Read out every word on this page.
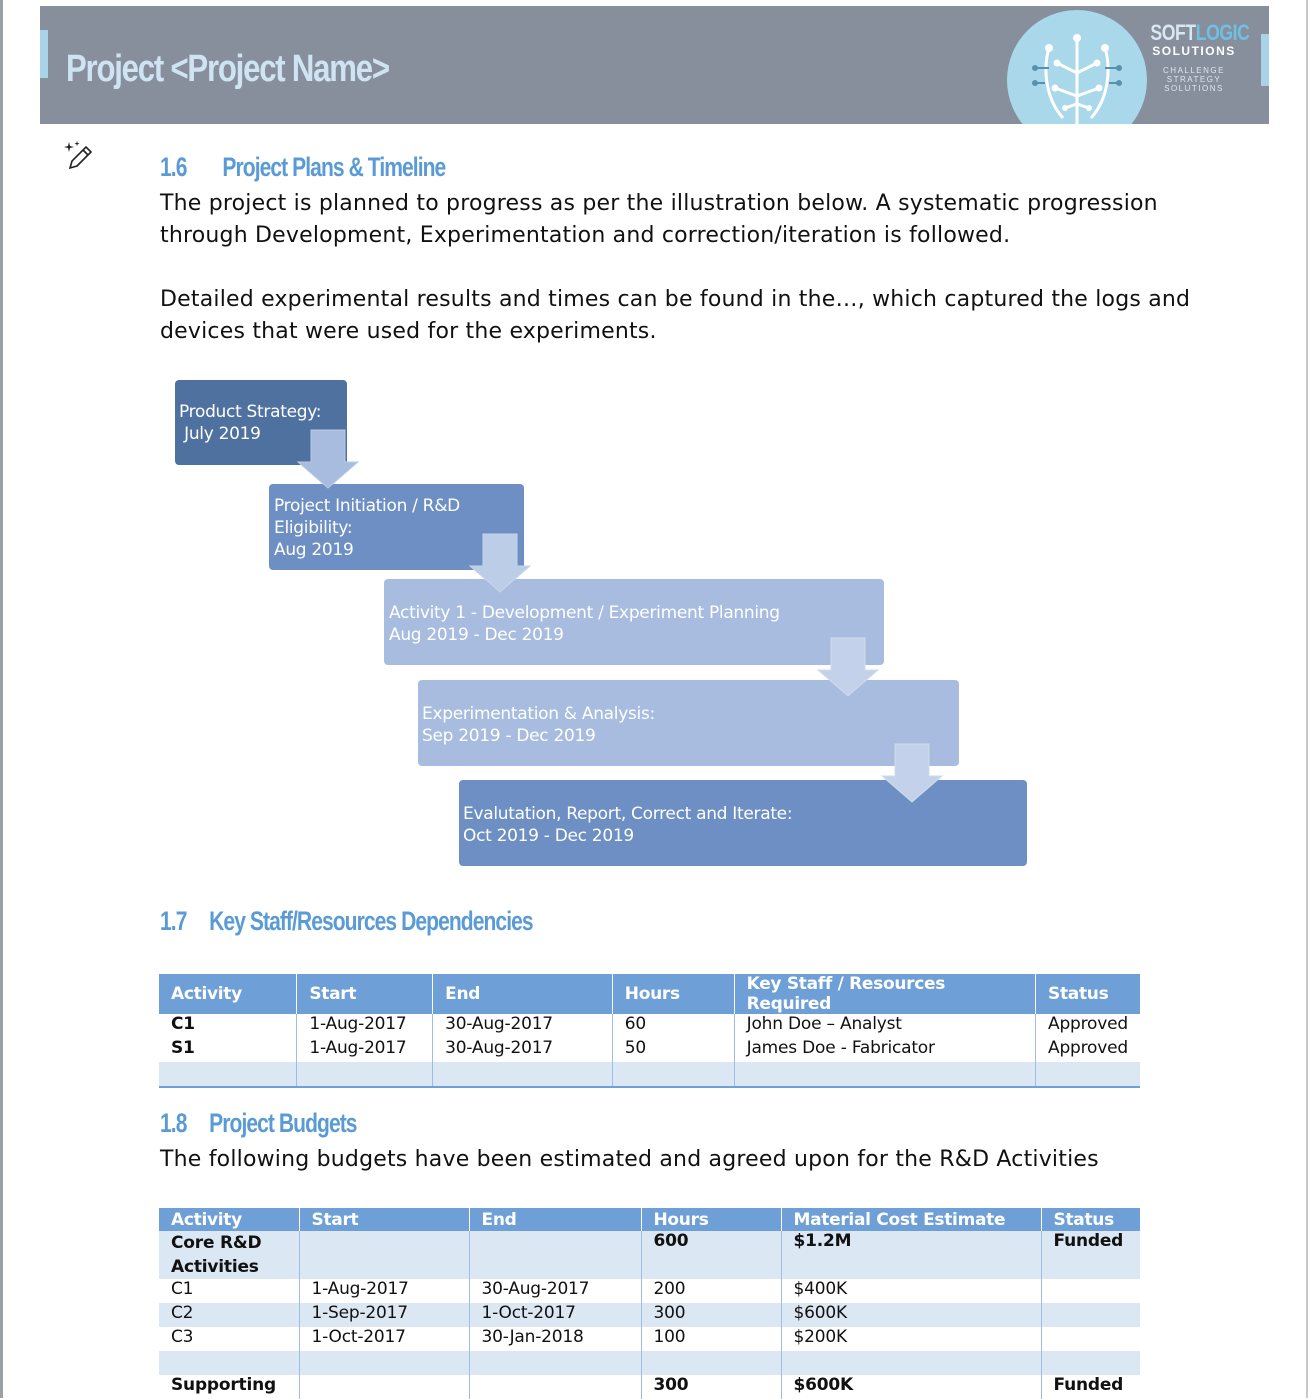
Project <Project Name>
SOFTLOGIC
SOLUTIONS
CHALLENGE
STRATEGY
SOLUTIONS
1.6 Project Plans & Timeline
The project is planned to progress as per the illustration below. A systematic progression
through Development, Experimentation and correction/iteration is followed.
Detailed experimental results and times can be found in the…, which captured the logs and
devices that were used for the experiments.
Product Strategy:
July 2019
Project Initiation / R&D
Eligibility:
Aug 2019
Activity 1 - Development / Experiment Planning
Aug 2019 - Dec 2019
Experimentation & Analysis:
Sep 2019 - Dec 2019
Evalutation, Report, Correct and Iterate:
Oct 2019 - Dec 2019
1.7 Key Staff/Resources Dependencies
Activity	Start	End	Hours	Key Staff / Resources Required	Status
C1	1-Aug-2017	30-Aug-2017	60	John Doe – Analyst	Approved
S1	1-Aug-2017	30-Aug-2017	50	James Doe - Fabricator	Approved

1.8 Project Budgets
The following budgets have been estimated and agreed upon for the R&D Activities
Activity	Start	End	Hours	Material Cost Estimate	Status

Core R&D
Activities			600	$1.2M	Funded
C1	1-Aug-2017	30-Aug-2017	200	$400K	
C2	1-Sep-2017	1-Oct-2017	300	$600K	
C3	1-Oct-2017	30-Jan-2018	100	$200K	

Supporting			300	$600K	Funded
